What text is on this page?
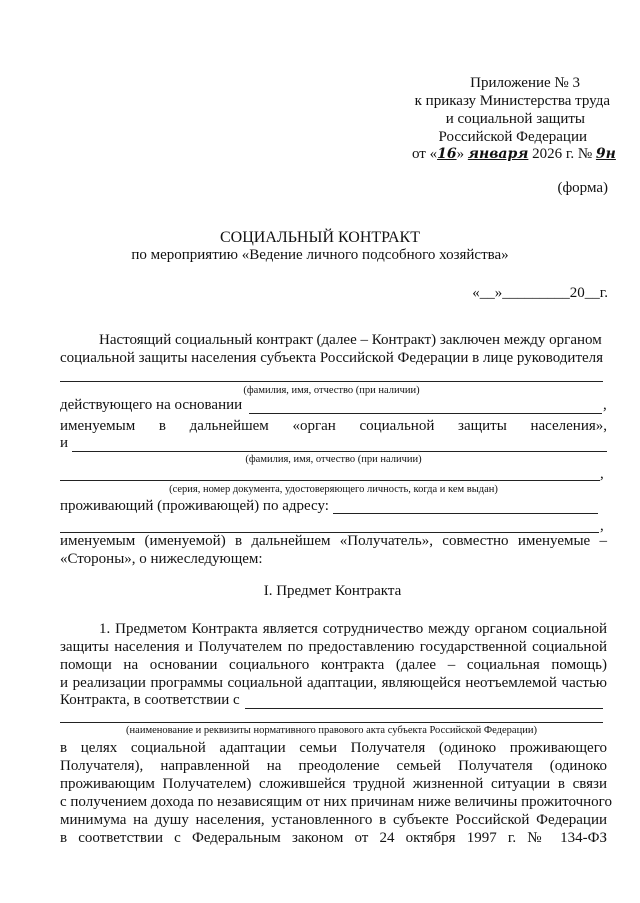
Приложение № 3
к приказу Министерства труда
и социальной защиты
Российской Федерации
от «16» января 2026 г. № 9н
(форма)
СОЦИАЛЬНЫЙ КОНТРАКТ
по мероприятию «Ведение личного подсобного хозяйства»
«__»_________20__г.
Настоящий социальный контракт (далее – Контракт) заключен между органом
социальной защиты населения субъекта Российской Федерации в лице руководителя
(фамилия, имя, отчество (при наличии)
действующего на основании	,
именуемым в дальнейшем «орган социальной защиты населения»,
и
(фамилия, имя, отчество (при наличии)
,
(серия, номер документа, удостоверяющего личность, когда и кем выдан)
проживающий (проживающей) по адресу:
,
именуемым (именуемой) в дальнейшем «Получатель», совместно именуемые –
«Стороны», о нижеследующем:
I. Предмет Контракта
1. Предметом Контракта является сотрудничество между органом социальной
защиты населения и Получателем по предоставлению государственной социальной
помощи на основании социального контракта (далее – социальная помощь)
и реализации программы социальной адаптации, являющейся неотъемлемой частью
Контракта, в соответствии с
(наименование и реквизиты нормативного правового акта субъекта Российской Федерации)
в целях социальной адаптации семьи Получателя (одиноко проживающего
Получателя), направленной на преодоление семьей Получателя (одиноко
проживающим Получателем) сложившейся трудной жизненной ситуации в связи
с получением дохода по независящим от них причинам ниже величины прожиточного
минимума на душу населения, установленного в субъекте Российской Федерации
в соответствии с Федеральным законом от 24 октября 1997 г. № 134-ФЗ
